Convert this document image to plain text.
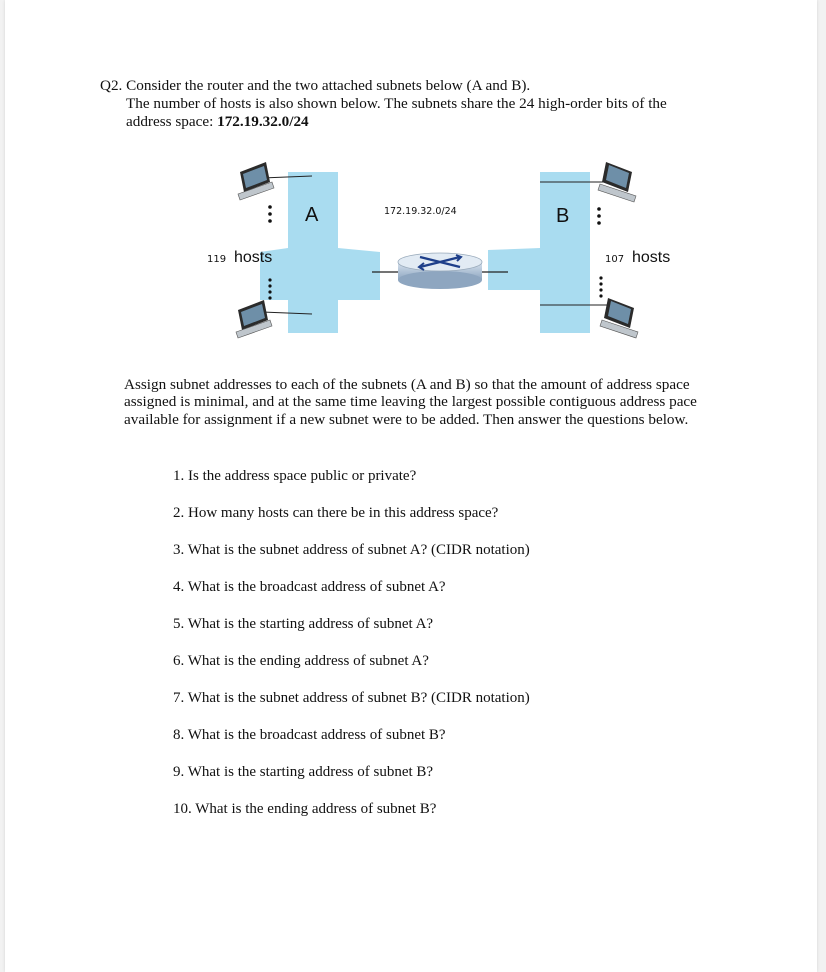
Q2. Consider the router and the two attached subnets below (A and B).
The number of hosts is also shown below. The subnets share the 24 high-order bits of the
address space: 172.19.32.0/24
A	B
172.19.32.0/24
119 hosts	107 hosts
Assign subnet addresses to each of the subnets (A and B) so that the amount of address space assigned is minimal, and at the same time leaving the largest possible contiguous address pace available for assignment if a new subnet were to be added. Then answer the questions below.
1. Is the address space public or private?
2. How many hosts can there be in this address space?
3. What is the subnet address of subnet A? (CIDR notation)
4. What is the broadcast address of subnet A?
5. What is the starting address of subnet A?
6. What is the ending address of subnet A?
7. What is the subnet address of subnet B? (CIDR notation)
8. What is the broadcast address of subnet B?
9. What is the starting address of subnet B?
10. What is the ending address of subnet B?
